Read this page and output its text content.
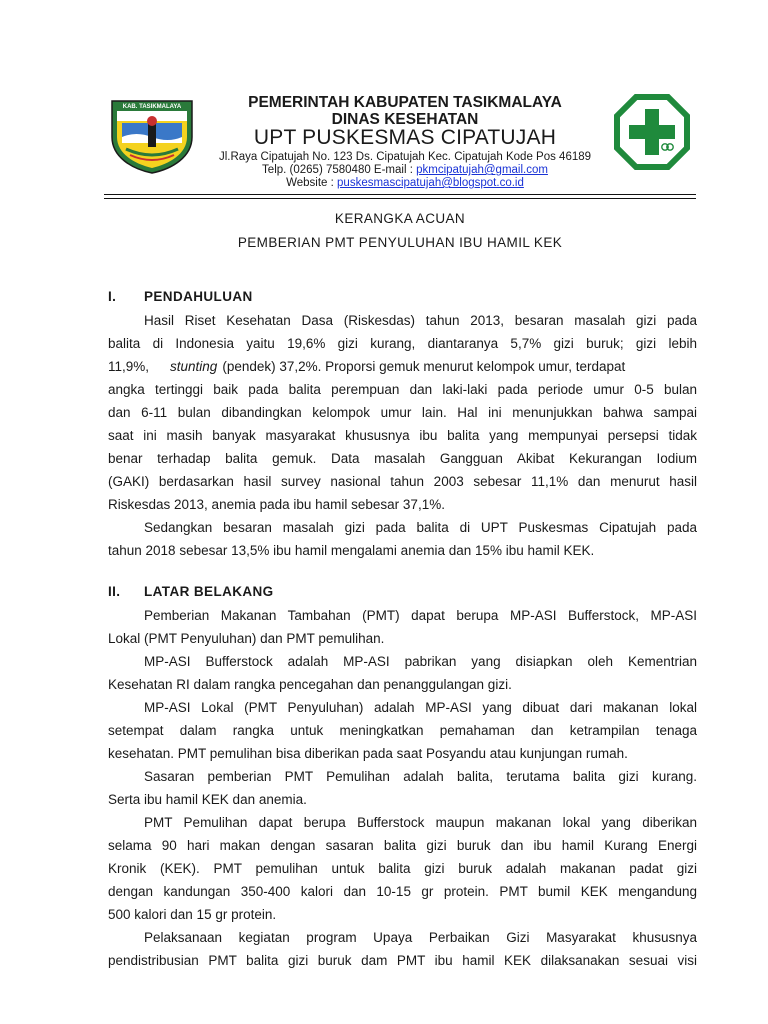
KAB. TASIKMALAYA	PEMERINTAH KABUPATEN TASIKMALAYA
DINAS KESEHATAN
UPT PUSKESMAS CIPATUJAH
Jl.Raya Cipatujah No. 123 Ds. Cipatujah Kec. Cipatujah Kode Pos 46189
Telp. (0265) 7580480 E-mail : pkmcipatujah@gmail.com
Website : puskesmascipatujah@blogspot.co.id
KERANGKA ACUAN
PEMBERIAN PMT PENYULUHAN IBU HAMIL KEK
I. PENDAHULUAN
Hasil Riset Kesehatan Dasa (Riskesdas) tahun 2013, besaran masalah gizi pada
balita di Indonesia yaitu 19,6% gizi kurang, diantaranya 5,7% gizi buruk; gizi lebih
11,9%, stunting (pendek) 37,2%. Proporsi gemuk menurut kelompok umur, terdapat
angka tertinggi baik pada balita perempuan dan laki-laki pada periode umur 0-5 bulan
dan 6-11 bulan dibandingkan kelompok umur lain. Hal ini menunjukkan bahwa sampai
saat ini masih banyak masyarakat khususnya ibu balita yang mempunyai persepsi tidak
benar terhadap balita gemuk. Data masalah Gangguan Akibat Kekurangan Iodium
(GAKI) berdasarkan hasil survey nasional tahun 2003 sebesar 11,1% dan menurut hasil
Riskesdas 2013, anemia pada ibu hamil sebesar 37,1%.
Sedangkan besaran masalah gizi pada balita di UPT Puskesmas Cipatujah pada
tahun 2018 sebesar 13,5% ibu hamil mengalami anemia dan 15% ibu hamil KEK.
II. LATAR BELAKANG
Pemberian Makanan Tambahan (PMT) dapat berupa MP-ASI Bufferstock, MP-ASI
Lokal (PMT Penyuluhan) dan PMT pemulihan.
MP-ASI Bufferstock adalah MP-ASI pabrikan yang disiapkan oleh Kementrian
Kesehatan RI dalam rangka pencegahan dan penanggulangan gizi.
MP-ASI Lokal (PMT Penyuluhan) adalah MP-ASI yang dibuat dari makanan lokal
setempat dalam rangka untuk meningkatkan pemahaman dan ketrampilan tenaga
kesehatan. PMT pemulihan bisa diberikan pada saat Posyandu atau kunjungan rumah.
Sasaran pemberian PMT Pemulihan adalah balita, terutama balita gizi kurang.
Serta ibu hamil KEK dan anemia.
PMT Pemulihan dapat berupa Bufferstock maupun makanan lokal yang diberikan
selama 90 hari makan dengan sasaran balita gizi buruk dan ibu hamil Kurang Energi
Kronik (KEK). PMT pemulihan untuk balita gizi buruk adalah makanan padat gizi
dengan kandungan 350-400 kalori dan 10-15 gr protein. PMT bumil KEK mengandung
500 kalori dan 15 gr protein.
Pelaksanaan kegiatan program Upaya Perbaikan Gizi Masyarakat khususnya
pendistribusian PMT balita gizi buruk dam PMT ibu hamil KEK dilaksanakan sesuai visi
